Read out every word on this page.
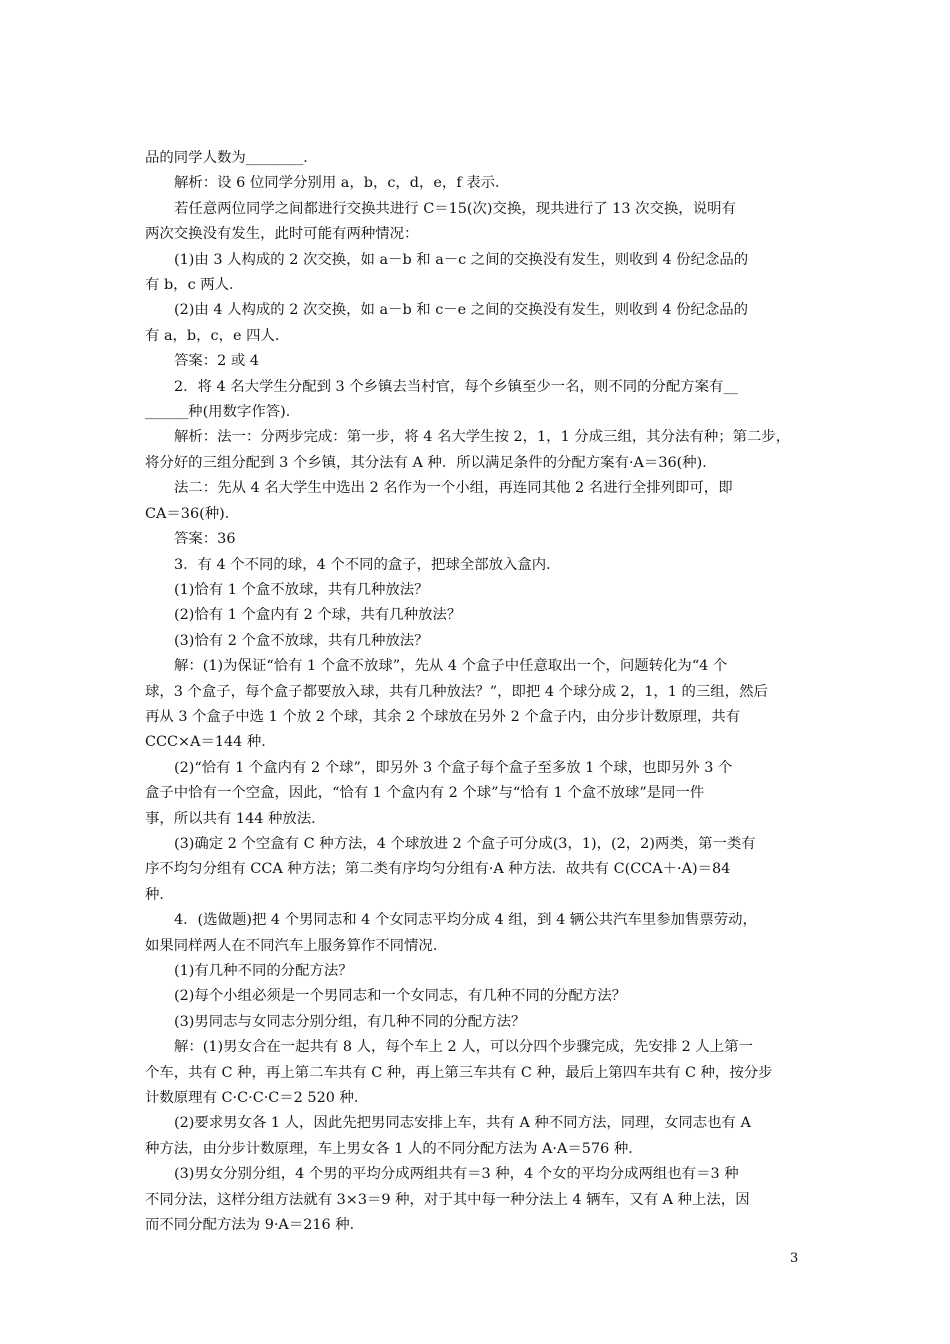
品的同学人数为________．
解析：设 6 位同学分别用 a，b，c，d，e，f 表示．
若任意两位同学之间都进行交换共进行 C＝15(次)交换，现共进行了 13 次交换，说明有
两次交换没有发生，此时可能有两种情况：
(1)由 3 人构成的 2 次交换，如 a－b 和 a－c 之间的交换没有发生，则收到 4 份纪念品的
有 b，c 两人．
(2)由 4 人构成的 2 次交换，如 a－b 和 c－e 之间的交换没有发生，则收到 4 份纪念品的
有 a，b，c，e 四人．
答案：2 或 4
2．将 4 名大学生分配到 3 个乡镇去当村官，每个乡镇至少一名，则不同的分配方案有__
______种(用数字作答)．
解析：法一：分两步完成：第一步，将 4 名大学生按 2，1，1 分成三组，其分法有种；第二步，
将分好的三组分配到 3 个乡镇，其分法有 A 种．所以满足条件的分配方案有·A＝36(种)．
法二：先从 4 名大学生中选出 2 名作为一个小组，再连同其他 2 名进行全排列即可，即
CA＝36(种)．
答案：36
3．有 4 个不同的球，4 个不同的盒子，把球全部放入盒内．
(1)恰有 1 个盒不放球，共有几种放法？
(2)恰有 1 个盒内有 2 个球，共有几种放法？
(3)恰有 2 个盒不放球，共有几种放法？
解：(1)为保证“恰有 1 个盒不放球”，先从 4 个盒子中任意取出一个，问题转化为“4 个
球，3 个盒子，每个盒子都要放入球，共有几种放法？”，即把 4 个球分成 2，1，1 的三组，然后
再从 3 个盒子中选 1 个放 2 个球，其余 2 个球放在另外 2 个盒子内，由分步计数原理，共有
CCC×A＝144 种．
(2)“恰有 1 个盒内有 2 个球”，即另外 3 个盒子每个盒子至多放 1 个球，也即另外 3 个
盒子中恰有一个空盒，因此，“恰有 1 个盒内有 2 个球”与“恰有 1 个盒不放球”是同一件
事，所以共有 144 种放法．
(3)确定 2 个空盒有 C 种方法，4 个球放进 2 个盒子可分成(3，1)，(2，2)两类，第一类有
序不均匀分组有 CCA 种方法；第二类有序均匀分组有·A 种方法．故共有 C(CCA＋·A)＝84
种．
4．(选做题)把 4 个男同志和 4 个女同志平均分成 4 组，到 4 辆公共汽车里参加售票劳动，
如果同样两人在不同汽车上服务算作不同情况．
(1)有几种不同的分配方法？
(2)每个小组必须是一个男同志和一个女同志，有几种不同的分配方法？
(3)男同志与女同志分别分组，有几种不同的分配方法？
解：(1)男女合在一起共有 8 人，每个车上 2 人，可以分四个步骤完成，先安排 2 人上第一
个车，共有 C 种，再上第二车共有 C 种，再上第三车共有 C 种，最后上第四车共有 C 种，按分步
计数原理有 C·C·C·C＝2 520 种．
(2)要求男女各 1 人，因此先把男同志安排上车，共有 A 种不同方法，同理，女同志也有 A
种方法，由分步计数原理，车上男女各 1 人的不同分配方法为 A·A＝576 种．
(3)男女分别分组，4 个男的平均分成两组共有＝3 种，4 个女的平均分成两组也有＝3 种
不同分法，这样分组方法就有 3×3＝9 种，对于其中每一种分法上 4 辆车，又有 A 种上法，因
而不同分配方法为 9·A＝216 种．
3
